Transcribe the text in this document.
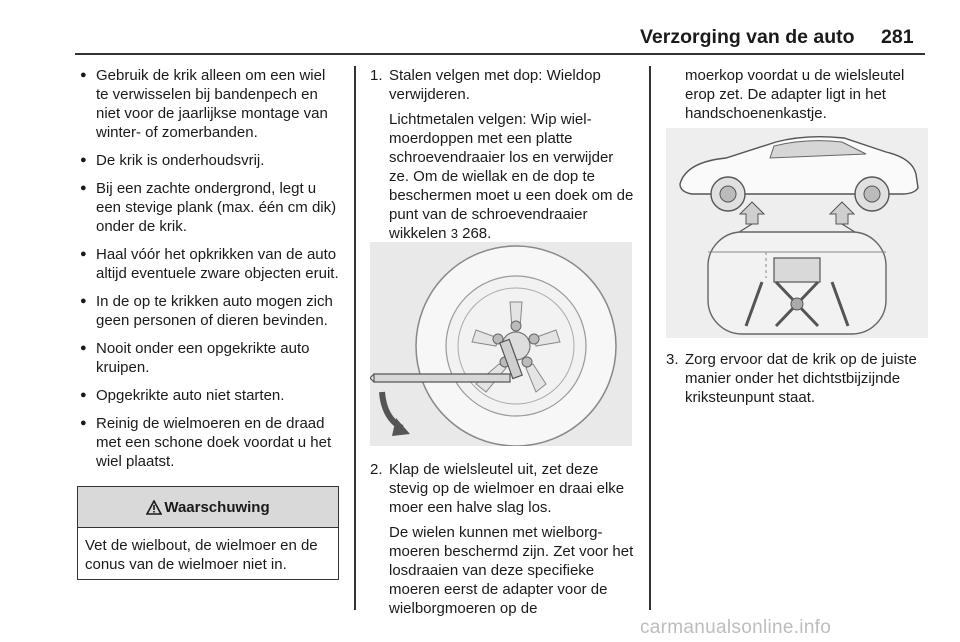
Verzorging van de auto 281
● Gebruik de krik alleen om een wiel te verwisselen bij bandenpech en niet voor de jaarlijkse montage van winter- of zomerbanden.
● De krik is onderhoudsvrij.
● Bij een zachte ondergrond, legt u een stevige plank (max. één cm dik) onder de krik.
● Haal vóór het opkrikken van de auto altijd eventuele zware objecten eruit.
● In de op te krikken auto mogen zich geen personen of dieren bevinden.
● Nooit onder een opgekrikte auto kruipen.
● Opgekrikte auto niet starten.
● Reinig de wielmoeren en de draad met een schone doek voordat u het wiel plaatst.
Waarschuwing
Vet de wielbout, de wielmoer en de conus van de wielmoer niet in.
1. Stalen velgen met dop: Wieldop verwijderen.
Lichtmetalen velgen: Wip wielmoerdoppen met een platte schroevendraaier los en verwijder ze. Om de wiellak en de dop te beschermen moet u een doek om de punt van de schroevendraaier wikkelen 3 268.
2. Klap de wielsleutel uit, zet deze stevig op de wielmoer en draai elke moer een halve slag los.
De wielen kunnen met wielborgmoeren beschermd zijn. Zet voor het losdraaien van deze specifieke moeren eerst de adapter voor de wielborgmoeren op de
moerkop voordat u de wielsleutel erop zet. De adapter ligt in het handschoenenkastje.
3. Zorg ervoor dat de krik op de juiste manier onder het dichtstbijzijnde kriksteunpunt staat.
carmanualsonline.info
